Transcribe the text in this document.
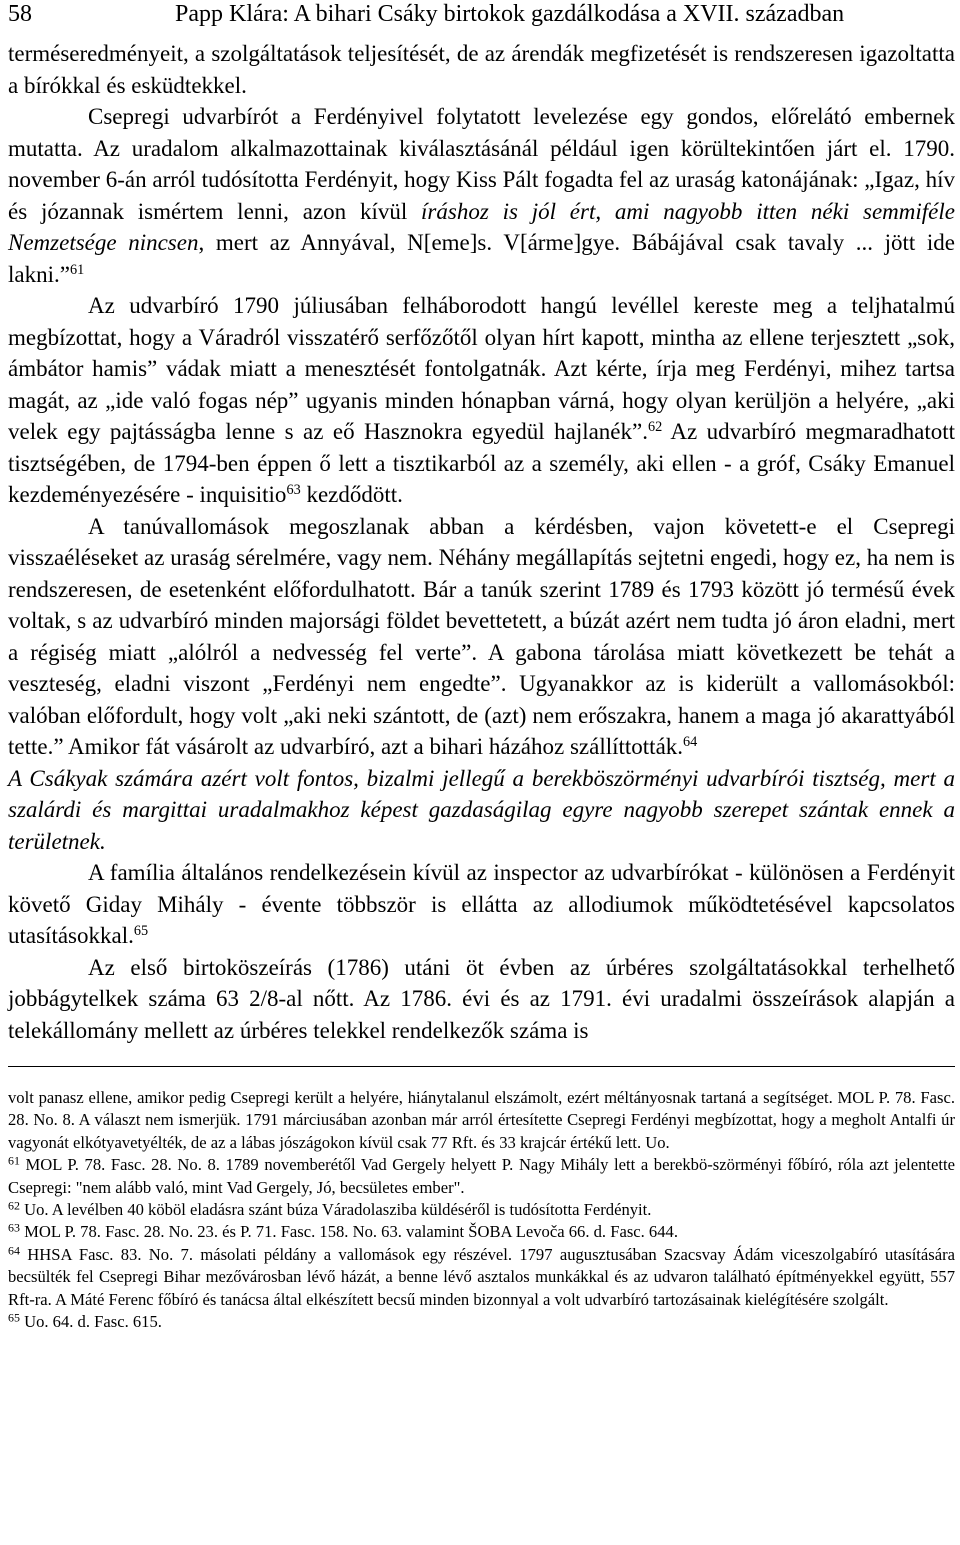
58	Papp Klára: A bihari Csáky birtokok gazdálkodása a XVII. században

terméseredményeit, a szolgáltatások teljesítését, de az árendák megfizetését is rendszeresen igazoltatta a bírókkal és esküdtekkel.

Csepregi udvarbírót a Ferdényivel folytatott levelezése egy gondos, előrelátó embernek mutatta. Az uradalom alkalmazottainak kiválasztásánál például igen körültekintően járt el. 1790. november 6-án arról tudósította Ferdényit, hogy Kiss Pált fogadta fel az uraság katonájának: „Igaz, hív és józannak ismértem lenni, azon kívül íráshoz is jól ért, ami nagyobb itten néki semmiféle Nemzetsége nincsen, mert az Annyával, N[eme]s. V[árme]gye. Bábájával csak tavaly ... jött ide lakni.”$^{61}$

Az udvarbíró 1790 júliusában felháborodott hangú levéllel kereste meg a teljhatalmú megbízottat, hogy a Váradról visszatérő serfőzőtől olyan hírt kapott, mintha az ellene terjesztett „sok, ámbátor hamis” vádak miatt a menesztését fontolgatnák. Azt kérte, írja meg Ferdényi, mihez tartsa magát, az „ide való fogas nép” ugyanis minden hónapban várná, hogy olyan kerüljön a helyére, „aki velek egy pajtásságba lenne s az eő Hasznokra egyedül hajlanék”.$^{62}$ Az udvarbíró megmaradhatott tisztségében, de 1794-ben éppen ő lett a tisztikarból az a személy, aki ellen - a gróf, Csáky Emanuel kezdeményezésére - inquisitio$^{63}$ kezdődött.

A tanúvallomások megoszlanak abban a kérdésben, vajon követett-e el Csepregi visszaéléseket az uraság sérelmére, vagy nem. Néhány megállapítás sejtetni engedi, hogy ez, ha nem is rendszeresen, de esetenként előfordulhatott. Bár a tanúk szerint 1789 és 1793 között jó termésű évek voltak, s az udvarbíró minden majorsági földet bevettetett, a búzát azért nem tudta jó áron eladni, mert a régiség miatt „alólról a nedvesség fel verte”. A gabona tárolása miatt következett be tehát a veszteség, eladni viszont „Ferdényi nem engedte”. Ugyanakkor az is kiderült a vallomásokból: valóban előfordult, hogy volt „aki neki szántott, de (azt) nem erőszakra, hanem a maga jó akarattyából tette.” Amikor fát vásárolt az udvarbíró, azt a bihari házához szállíttották.$^{64}$

A Csákyak számára azért volt fontos, bizalmi jellegű a berekböszörményi udvarbírói tisztség, mert a szalárdi és margittai uradalmakhoz képest gazdaságilag egyre nagyobb szerepet szántak ennek a területnek.

A família általános rendelkezésein kívül az inspector az udvarbírókat - különösen a Ferdényit követő Giday Mihály - évente többször is ellátta az allodiumok működtetésével kapcsolatos utasításokkal.$^{65}$

Az első birtoköszeírás (1786) utáni öt évben az úrbéres szolgáltatásokkal terhelhető jobbágytelkek száma 63 2/8-al nőtt. Az 1786. évi és az 1791. évi uradalmi összeírások alapján a telekállomány mellett az úrbéres telekkel rendelkezők száma is

volt panasz ellene, amikor pedig Csepregi került a helyére, hiánytalanul elszámolt, ezért méltányosnak tartaná a segítséget. MOL P. 78. Fasc. 28. No. 8. A választ nem ismerjük. 1791 márciusában azonban már arról értesítette Csepregi Ferdényi megbízottat, hogy a megholt Antalfi úr vagyonát elkótyavetyélték, de az a lábas jószágokon kívül csak 77 Rft. és 33 krajcár értékű lett. Uo.

$^{61}$ MOL P. 78. Fasc. 28. No. 8. 1789 novemberétől Vad Gergely helyett P. Nagy Mihály lett a berekbö-szörményi főbíró, róla azt jelentette Csepregi: "nem alább való, mint Vad Gergely, Jó, becsületes ember".

$^{62}$ Uo. A levélben 40 köböl eladásra szánt búza Váradolasziba küldéséről is tudósította Ferdényit.

$^{63}$ MOL P. 78. Fasc. 28. No. 23. és P. 71. Fasc. 158. No. 63. valamint ŠOBA Levoča 66. d. Fasc. 644.

$^{64}$ HHSA Fasc. 83. No. 7. másolati példány a vallomások egy részével. 1797 augusztusában Szacsvay Ádám viceszolgabíró utasítására becsülték fel Csepregi Bihar mezővárosban lévő házát, a benne lévő asztalos munkákkal és az udvaron található építményekkel együtt, 557 Rft-ra. A Máté Ferenc főbíró és tanácsa által elkészített becsű minden bizonnyal a volt udvarbíró tartozásainak kielégítésére szolgált.

$^{65}$ Uo. 64. d. Fasc. 615.
